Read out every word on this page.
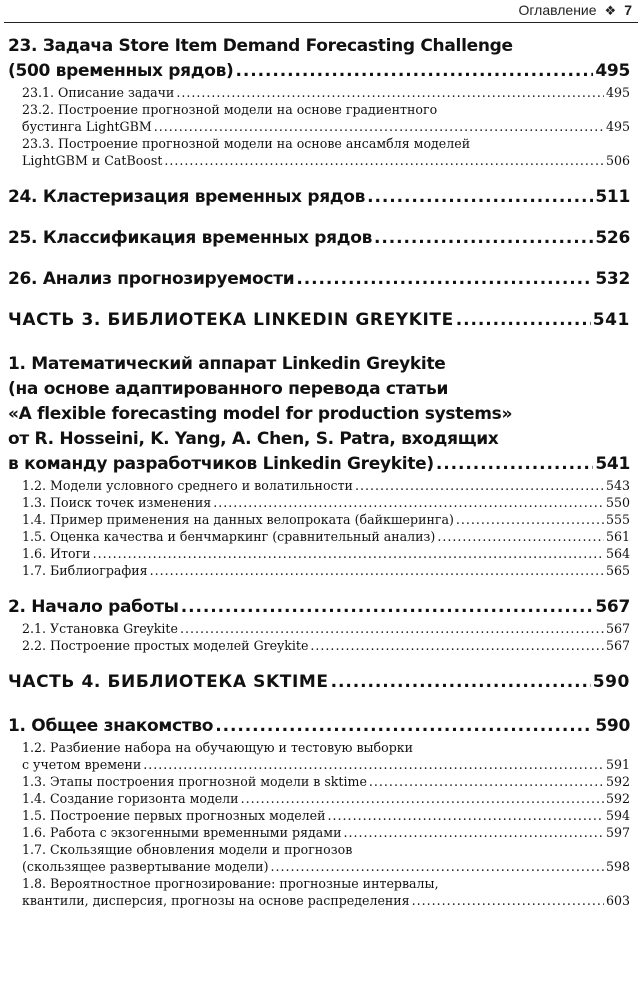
Оглавление ❖ 7
23. Задача Store Item Demand Forecasting Challenge
(500 временных рядов) . . .	495
23.1. Описание задачи . . .	495
23.2. Построение прогнозной модели на основе градиентного
бустинга LightGBM . . .	495
23.3. Построение прогнозной модели на основе ансамбля моделей
LightGBM и CatBoost . . .	506
24. Кластеризация временных рядов . . .	511
25. Классификация временных рядов . . .	526
26. Анализ прогнозируемости . . .	532
ЧАСТЬ 3. БИБЛИОТЕКА LINKEDIN GREYKITE . . .	541
1. Математический аппарат Linkedin Greykite
(на основе адаптированного перевода статьи
«A flexible forecasting model for production systems»
от R. Hosseini, K. Yang, A. Chen, S. Patra, входящих
в команду разработчиков Linkedin Greykite) . . .	541
1.2. Модели условного среднего и волатильности . . .	543
1.3. Поиск точек изменения . . .	550
1.4. Пример применения на данных велопроката (байкшеринга) . . .	555
1.5. Оценка качества и бенчмаркинг (сравнительный анализ) . . .	561
1.6. Итоги . . .	564
1.7. Библиография . . .	565
2. Начало работы . . .	567
2.1. Установка Greykite . . .	567
2.2. Построение простых моделей Greykite . . .	567
ЧАСТЬ 4. БИБЛИОТЕКА SKTIME . . .	590
1. Общее знакомство . . .	590
1.2. Разбиение набора на обучающую и тестовую выборки
с учетом времени . . .	591
1.3. Этапы построения прогнозной модели в sktime . . .	592
1.4. Создание горизонта модели . . .	592
1.5. Построение первых прогнозных моделей . . .	594
1.6. Работа с экзогенными временными рядами . . .	597
1.7. Скользящие обновления модели и прогнозов
(скользящее развертывание модели) . . .	598
1.8. Вероятностное прогнозирование: прогнозные интервалы,
квантили, дисперсия, прогнозы на основе распределения . . .	603
